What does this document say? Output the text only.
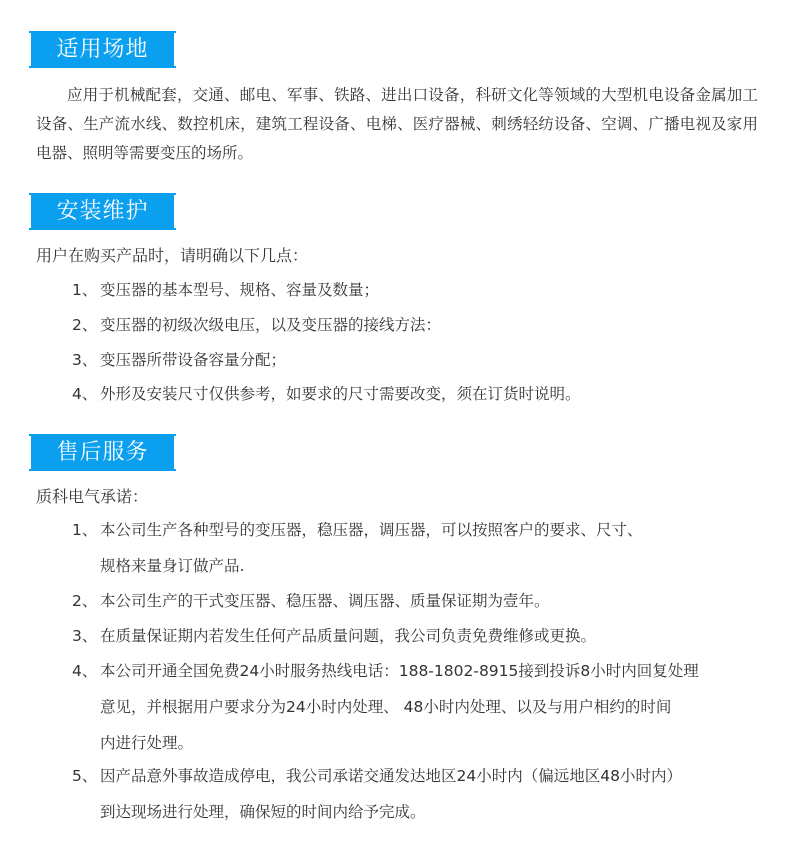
适用场地

应用于机械配套，交通、邮电、军事、铁路、进出口设备，科研文化等领域的大型机电设备金属加工设备、生产流水线、数控机床，建筑工程设备、电梯、医疗器械、刺绣轻纺设备、空调、广播电视及家用电器、照明等需要变压的场所。

安装维护

用户在购买产品时，请明确以下几点：

1、 变压器的基本型号、规格、容量及数量；
2、 变压器的初级次级电压，以及变压器的接线方法：
3、 变压器所带设备容量分配；
4、 外形及安装尺寸仅供参考，如要求的尺寸需要改变，须在订货时说明。
售后服务

质科电气承诺：

1、 本公司生产各种型号的变压器，稳压器，调压器，可以按照客户的要求、尺寸、
规格来量身订做产品.
2、 本公司生产的干式变压器、稳压器、调压器、质量保证期为壹年。
3、 在质量保证期内若发生任何产品质量问题，我公司负责免费维修或更换。
4、 本公司开通全国免费24小时服务热线电话：188-1802-8915接到投诉8小时内回复处理
意见，并根据用户要求分为24小时内处理、 48小时内处理、以及与用户相约的时间
内进行处理。
5、 因产品意外事故造成停电，我公司承诺交通发达地区24小时内（偏远地区48小时内）
到达现场进行处理，确保短的时间内给予完成。
